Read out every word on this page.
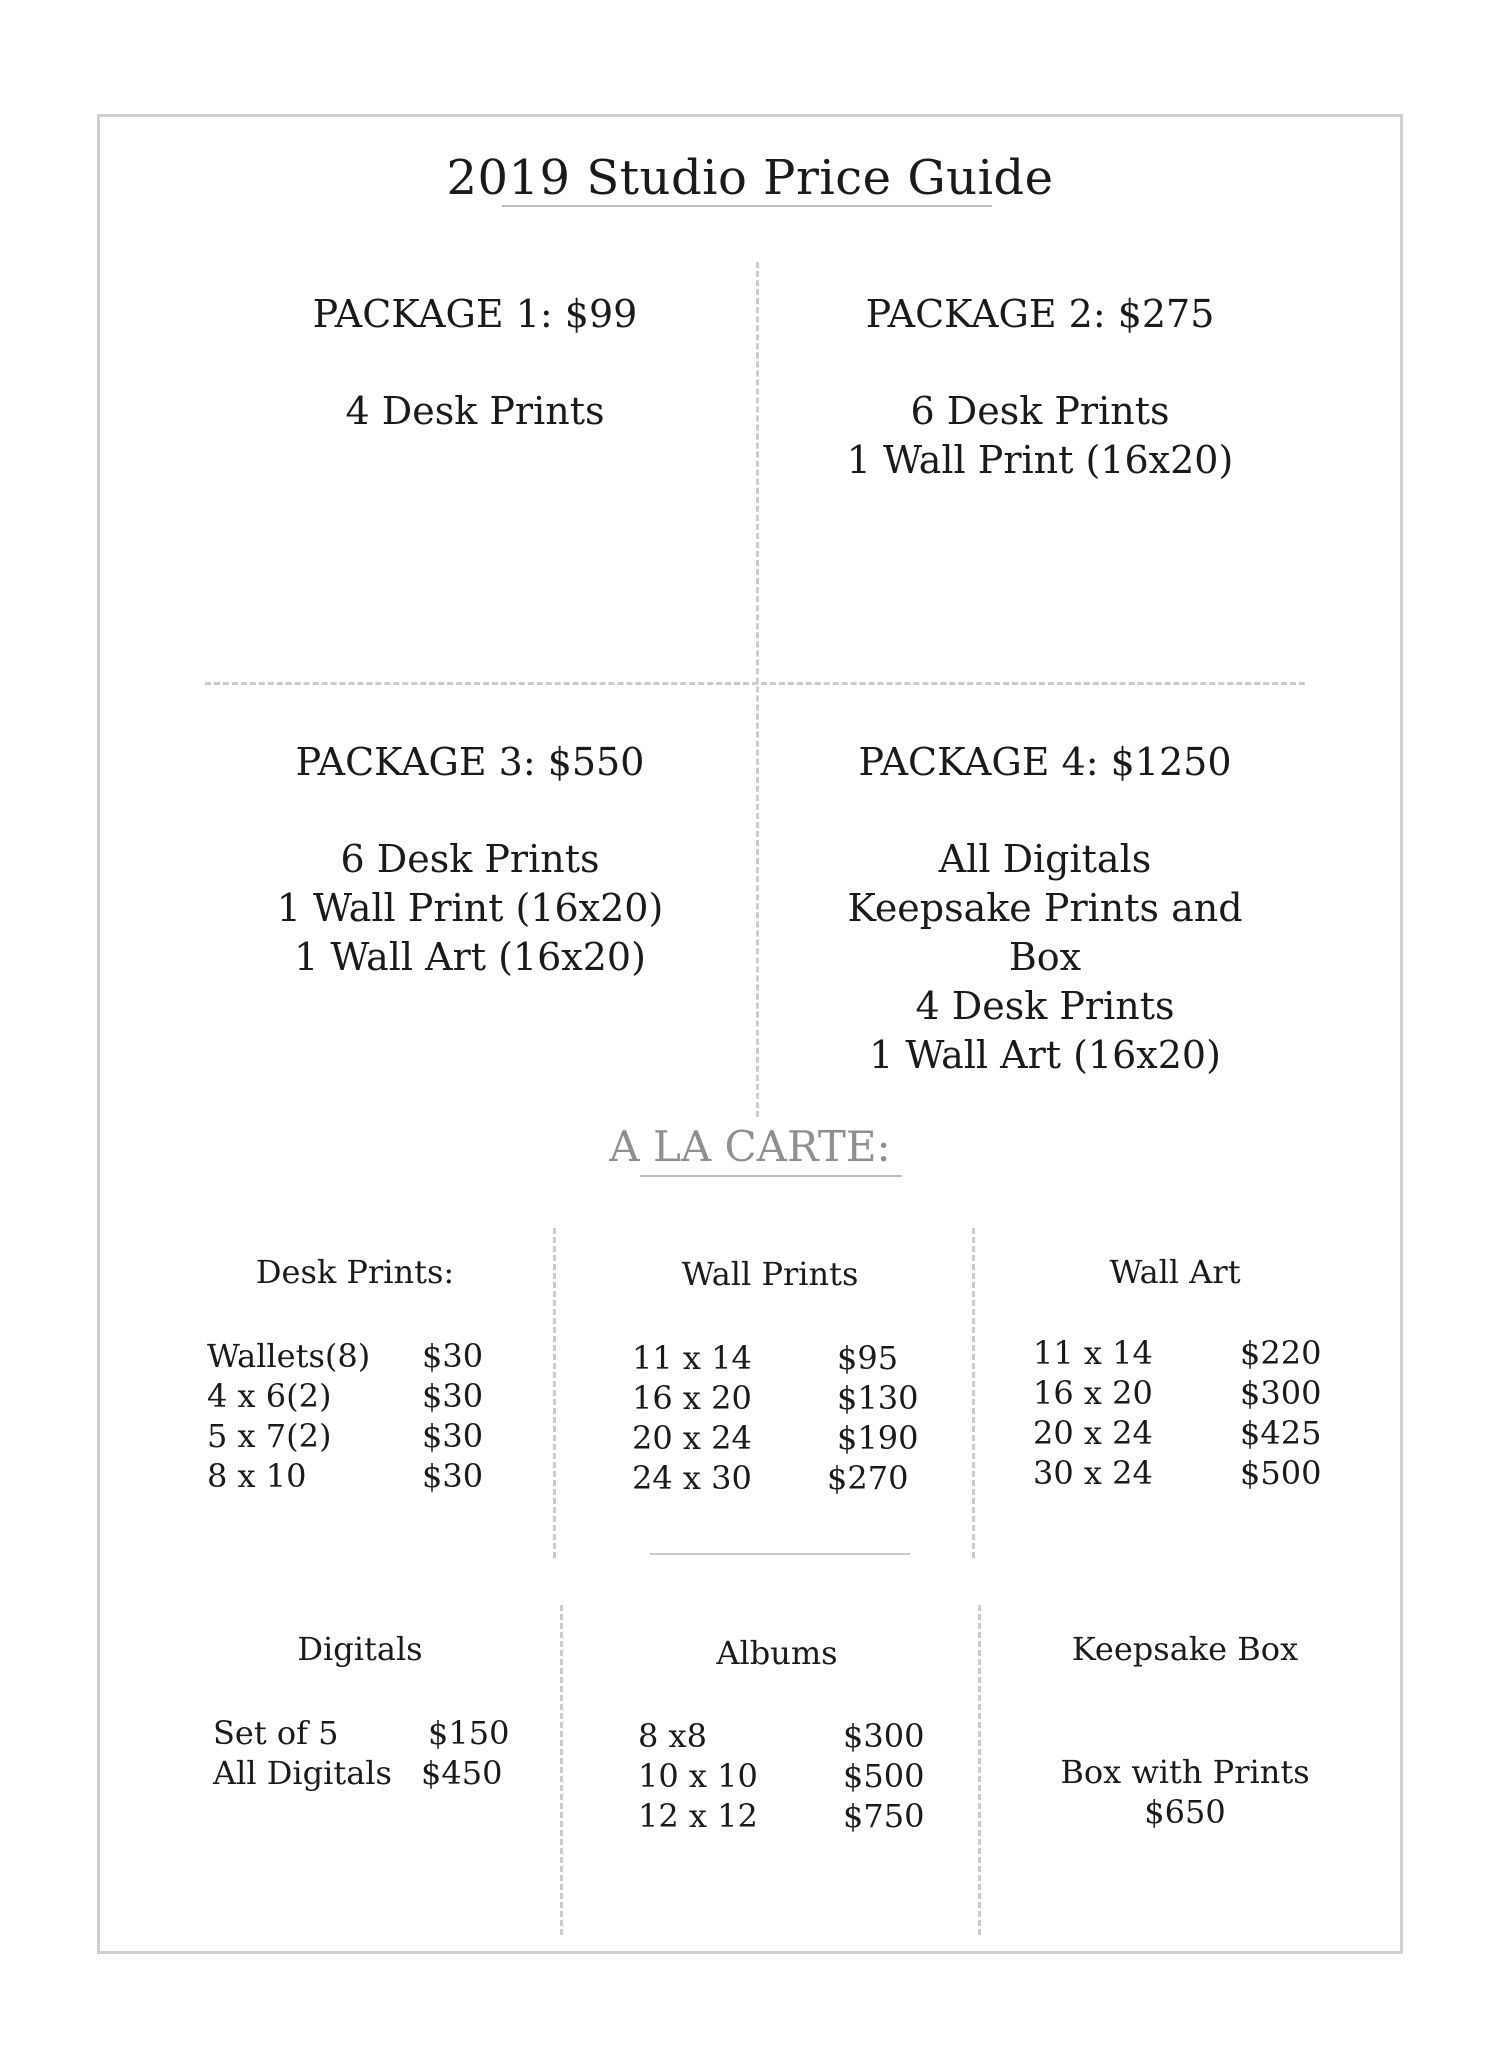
2019 Studio Price Guide
PACKAGE 1: $99
4 Desk Prints
PACKAGE 2: $275
6 Desk Prints
1 Wall Print (16x20)
PACKAGE 3: $550
6 Desk Prints
1 Wall Print (16x20)
1 Wall Art (16x20)
PACKAGE 4: $1250
All Digitals
Keepsake Prints and
Box
4 Desk Prints
1 Wall Art (16x20)
A LA CARTE:
Desk Prints:
Wallets(8) $30
4 x 6(2)	$30
5 x 7(2)	$30
8 x 10	$30
Wall Prints
11 x 14	$95
16 x 20	$130
20 x 24	$190
24 x 30 $270
Wall Art
11 x 14	$220
16 x 20	$300
20 x 24	$425
30 x 24	$500
Digitals
Set of 5	$150
All Digitals $450
Albums
8 x8	$300
10 x 10	$500
12 x 12	$750
Keepsake Box
Box with Prints
$650
